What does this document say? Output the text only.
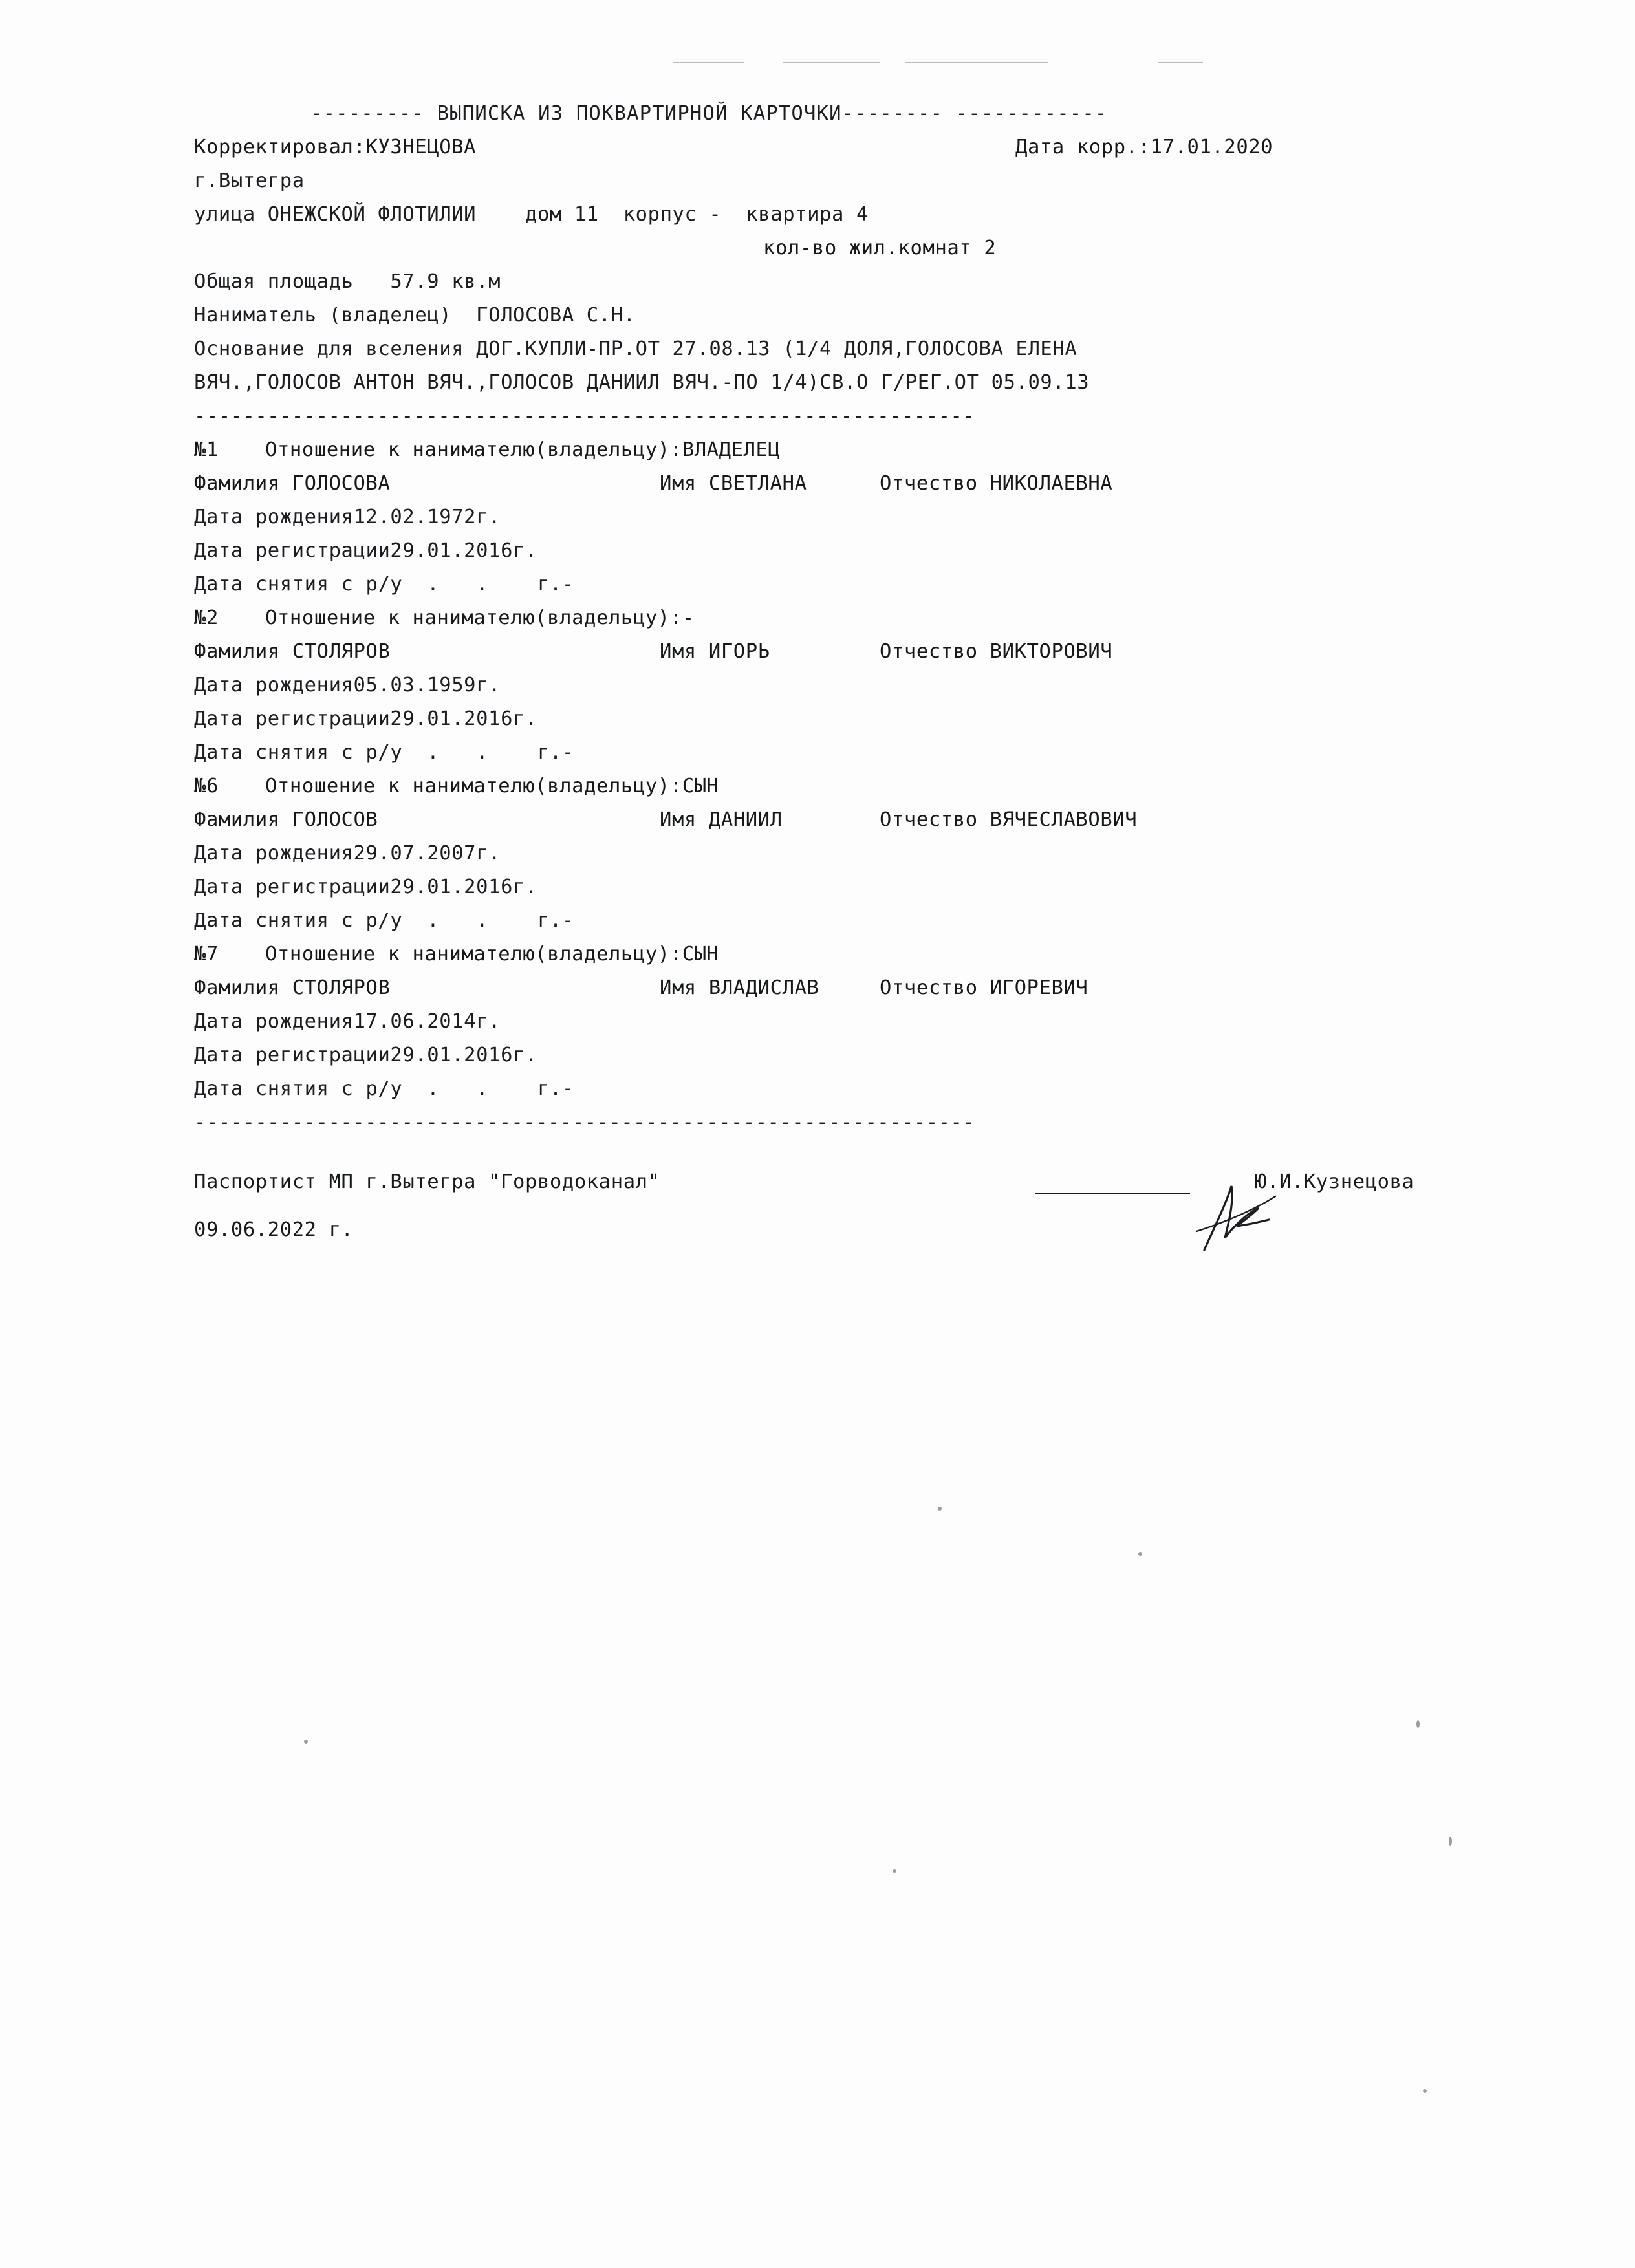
--------- ВЫПИСКА ИЗ ПОКВАРТИРНОЙ КАРТОЧКИ-------- ------------

Корректировал:КУЗНЕЦОВА

	Дата корр.:17.01.2020

г.Вытегра
улица ОНЕЖСКОЙ ФЛОТИЛИИ    дом 11  корпус -  квартира 4

кол-во жил.комнат 2

Общая площадь   57.9 кв.м
Наниматель (владелец)  ГОЛОСОВА С.Н.
Основание для вселения ДОГ.КУПЛИ-ПР.ОТ 27.08.13 (1/4 ДОЛЯ,ГОЛОСОВА ЕЛЕНА
ВЯЧ.,ГОЛОСОВ АНТОН ВЯЧ.,ГОЛОСОВ ДАНИИЛ ВЯЧ.-ПО 1/4)СВ.О Г/РЕГ.ОТ 05.09.13
----------------------------------------------------------------

№1

Отношение к нанимателю(владельцу):ВЛАДЕЛЕЦ

Фамилия ГОЛОСОВА

	Имя СВЕТЛАНА

	Отчество НИКОЛАЕВНА

Дата рождения12.02.1972г.
Дата регистрации29.01.2016г.
Дата снятия с р/у  .   .    г.-

№2

Отношение к нанимателю(владельцу):-

Фамилия СТОЛЯРОВ

	Имя ИГОРЬ

	Отчество ВИКТОРОВИЧ

Дата рождения05.03.1959г.
Дата регистрации29.01.2016г.
Дата снятия с р/у  .   .    г.-

№6

Отношение к нанимателю(владельцу):СЫН

Фамилия ГОЛОСОВ

	Имя ДАНИИЛ

	Отчество ВЯЧЕСЛАВОВИЧ

Дата рождения29.07.2007г.
Дата регистрации29.01.2016г.
Дата снятия с р/у  .   .    г.-

№7

Отношение к нанимателю(владельцу):СЫН

Фамилия СТОЛЯРОВ

	Имя ВЛАДИСЛАВ

	Отчество ИГОРЕВИЧ

Дата рождения17.06.2014г.
Дата регистрации29.01.2016г.
Дата снятия с р/у  .   .    г.-
----------------------------------------------------------------

Паспортист МП г.Вытегра "Горводоканал"

	Ю.И.Кузнецова

09.06.2022 г.
